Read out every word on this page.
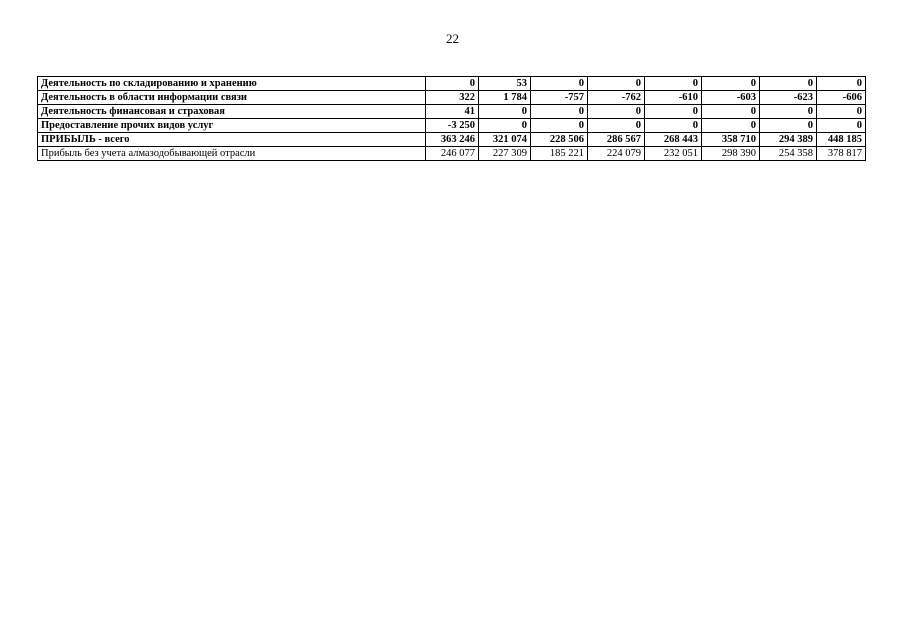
22
Деятельность по складированию и хранению	0	53	0	0	0	0	0	0
Деятельность в области информации связи	322	1 784	-757	-762	-610	-603	-623	-606
Деятельность финансовая и страховая	41	0	0	0	0	0	0	0
Предоставление прочих видов услуг	-3 250	0	0	0	0	0	0	0
ПРИБЫЛЬ - всего	363 246	321 074	228 506	286 567	268 443	358 710	294 389	448 185
Прибыль без учета алмазодобывающей отрасли	246 077	227 309	185 221	224 079	232 051	298 390	254 358	378 817
